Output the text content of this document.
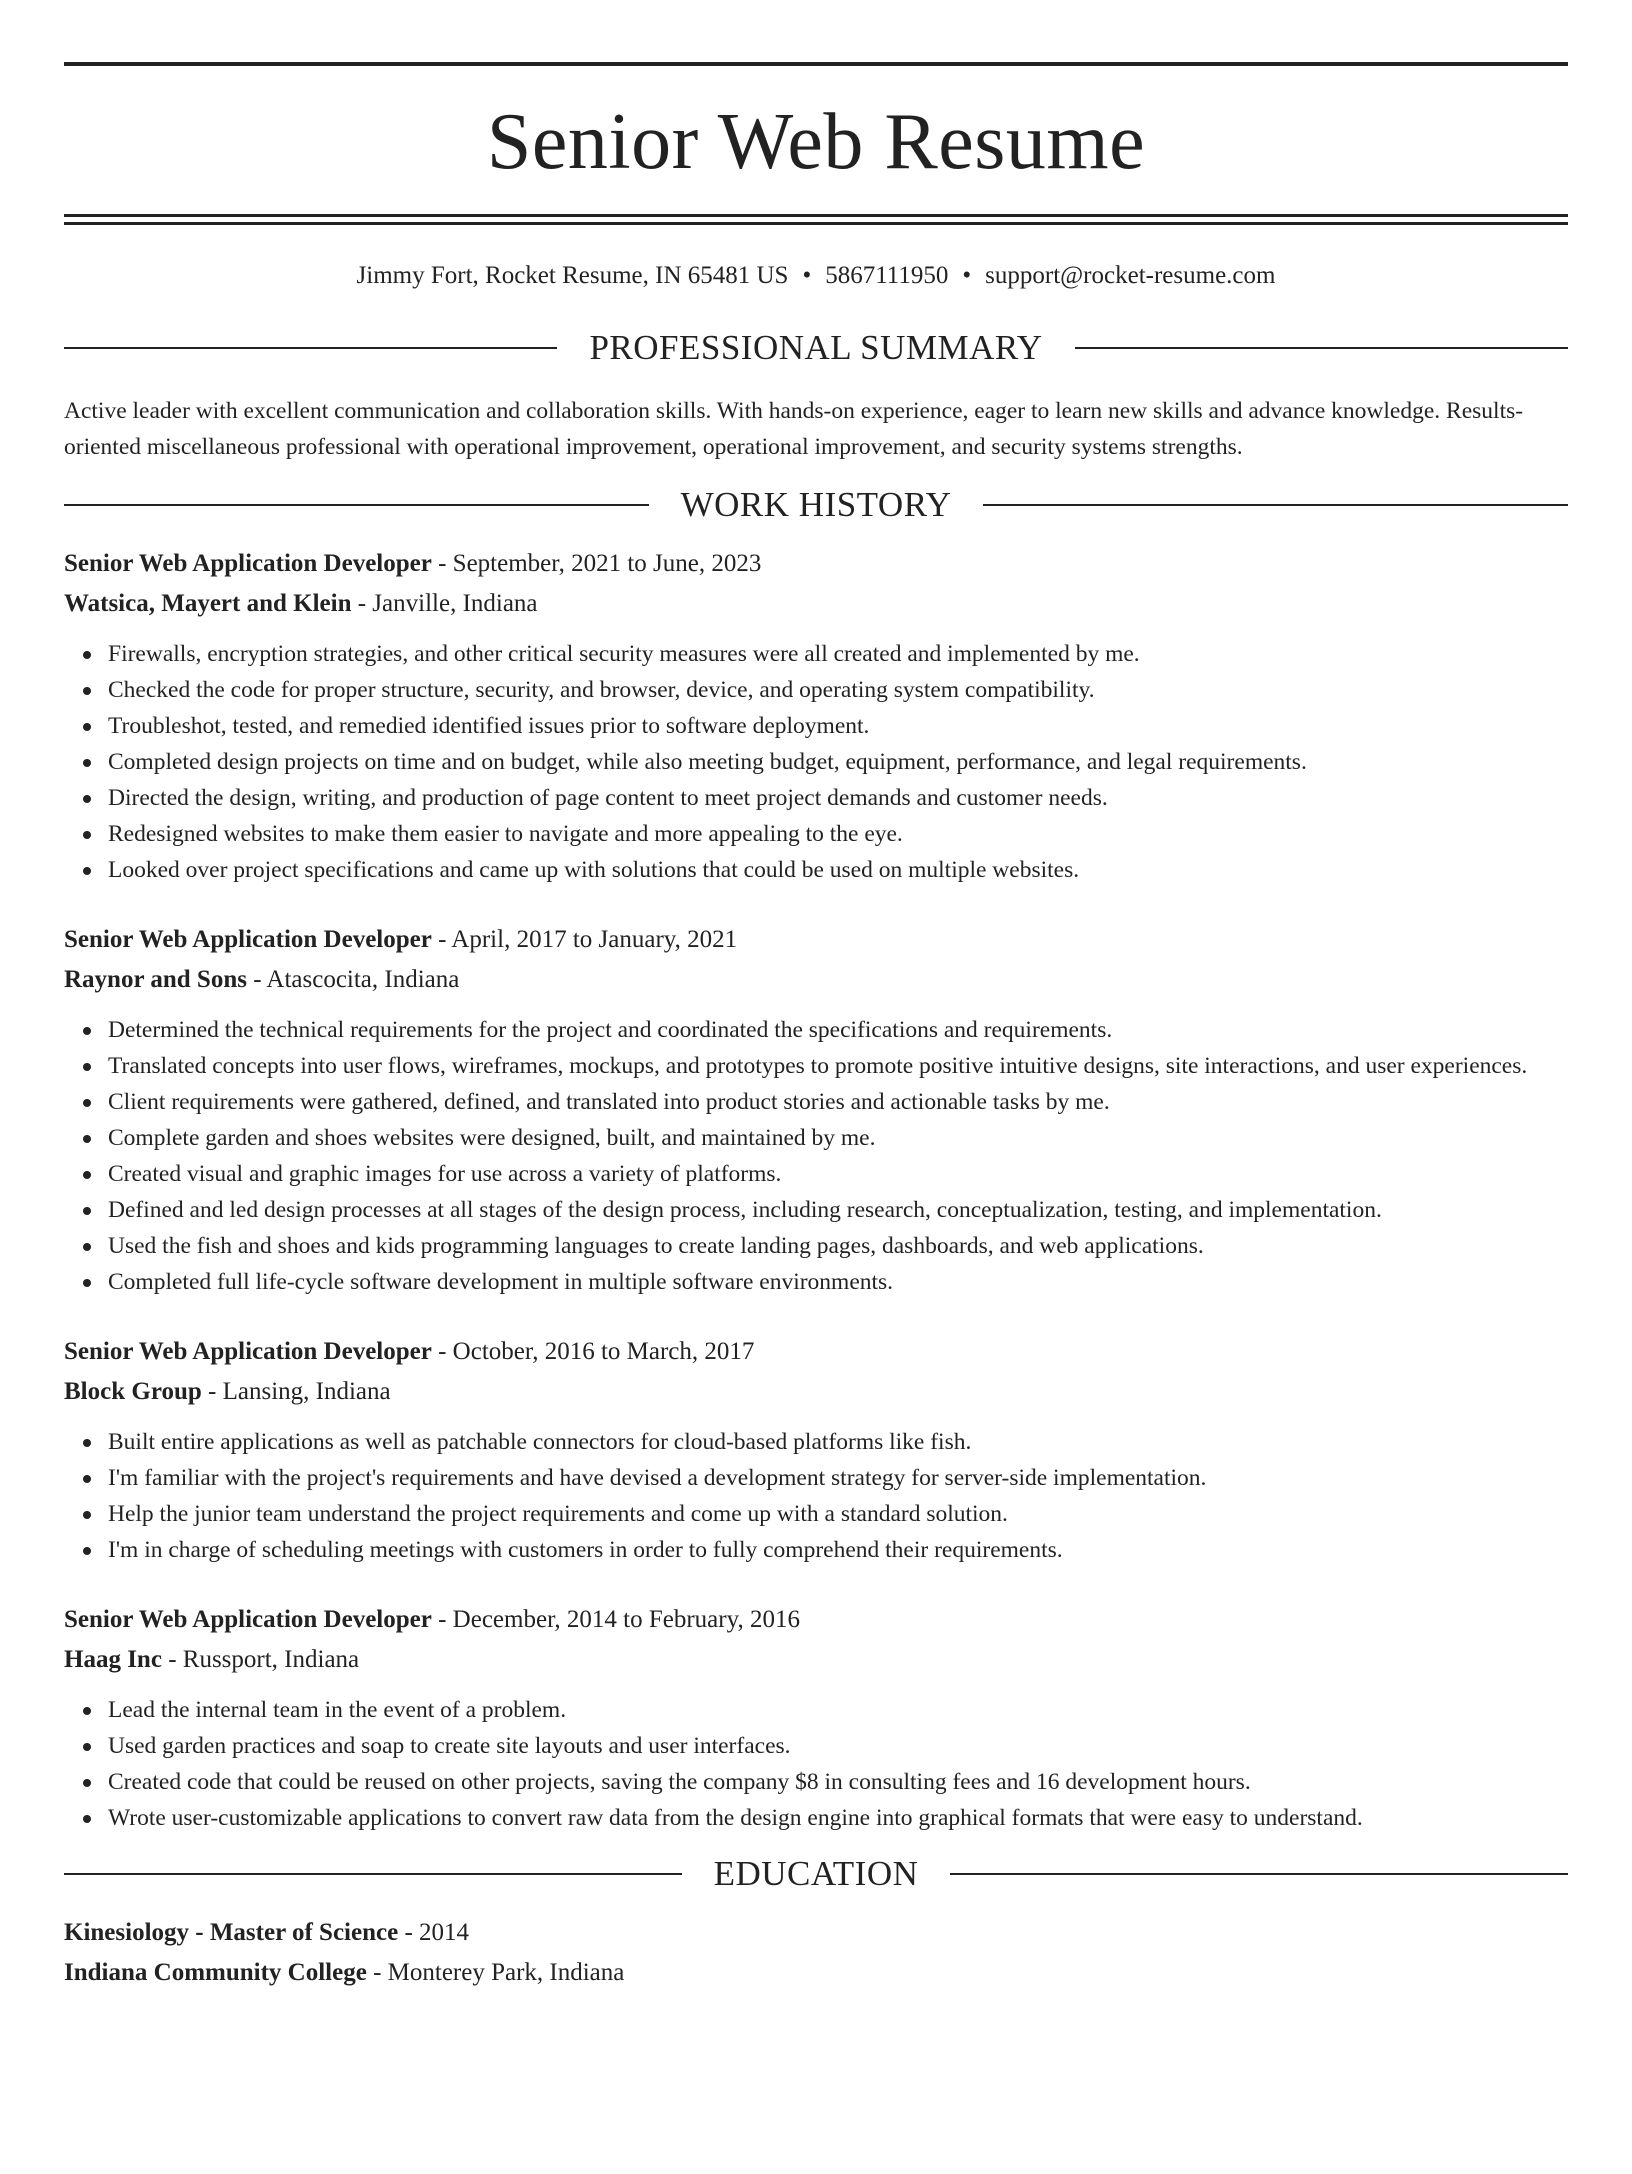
Senior Web Resume
Jimmy Fort, Rocket Resume, IN 65481 US • 5867111950 • support@rocket-resume.com
PROFESSIONAL SUMMARY

Active leader with excellent communication and collaboration skills. With hands-on experience, eager to learn new skills and advance knowledge. Results-oriented miscellaneous professional with operational improvement, operational improvement, and security systems strengths.

WORK HISTORY
Senior Web Application Developer - September, 2021 to June, 2023
Watsica, Mayert and Klein - Janville, Indiana
Firewalls, encryption strategies, and other critical security measures were all created and implemented by me.
Checked the code for proper structure, security, and browser, device, and operating system compatibility.
Troubleshot, tested, and remedied identified issues prior to software deployment.
Completed design projects on time and on budget, while also meeting budget, equipment, performance, and legal requirements.
Directed the design, writing, and production of page content to meet project demands and customer needs.
Redesigned websites to make them easier to navigate and more appealing to the eye.
Looked over project specifications and came up with solutions that could be used on multiple websites.
Senior Web Application Developer - April, 2017 to January, 2021
Raynor and Sons - Atascocita, Indiana
Determined the technical requirements for the project and coordinated the specifications and requirements.
Translated concepts into user flows, wireframes, mockups, and prototypes to promote positive intuitive designs, site interactions, and user experiences.
Client requirements were gathered, defined, and translated into product stories and actionable tasks by me.
Complete garden and shoes websites were designed, built, and maintained by me.
Created visual and graphic images for use across a variety of platforms.
Defined and led design processes at all stages of the design process, including research, conceptualization, testing, and implementation.
Used the fish and shoes and kids programming languages to create landing pages, dashboards, and web applications.
Completed full life-cycle software development in multiple software environments.
Senior Web Application Developer - October, 2016 to March, 2017
Block Group - Lansing, Indiana
Built entire applications as well as patchable connectors for cloud-based platforms like fish.
I'm familiar with the project's requirements and have devised a development strategy for server-side implementation.
Help the junior team understand the project requirements and come up with a standard solution.
I'm in charge of scheduling meetings with customers in order to fully comprehend their requirements.
Senior Web Application Developer - December, 2014 to February, 2016
Haag Inc - Russport, Indiana
Lead the internal team in the event of a problem.
Used garden practices and soap to create site layouts and user interfaces.
Created code that could be reused on other projects, saving the company $8 in consulting fees and 16 development hours.
Wrote user-customizable applications to convert raw data from the design engine into graphical formats that were easy to understand.
EDUCATION
Kinesiology - Master of Science - 2014
Indiana Community College - Monterey Park, Indiana
